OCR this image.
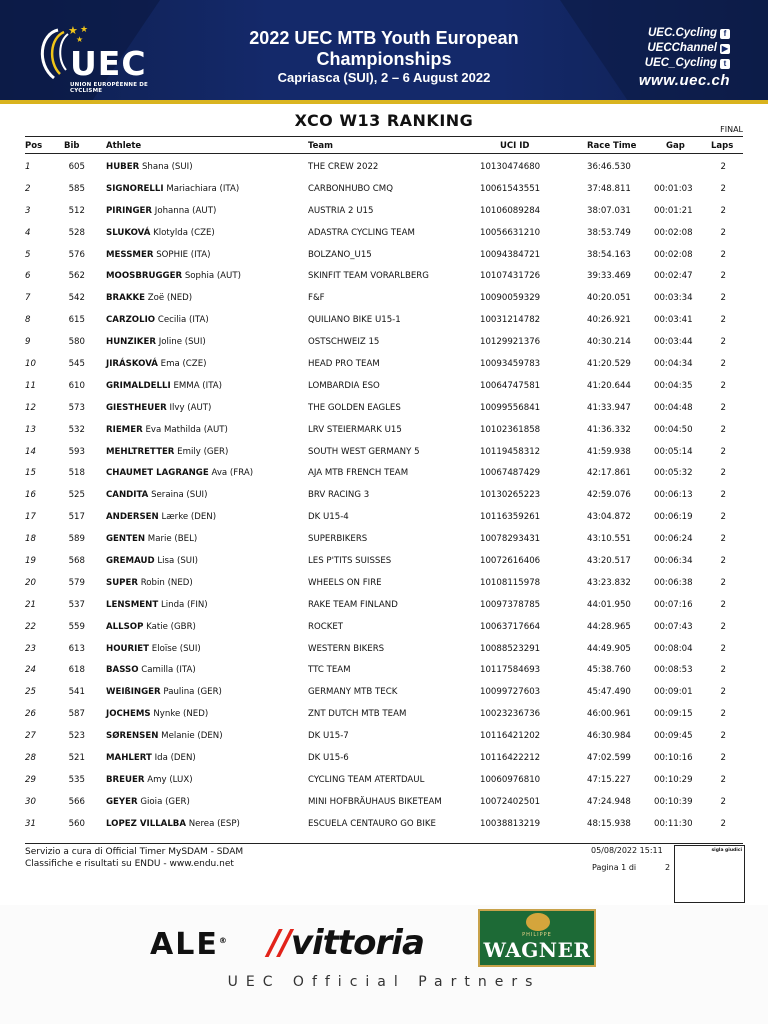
★ ★
★
UEC
UNION EUROPÉENNE DE CYCLISME
2022 UEC MTB Youth European Championships
Capriasca (SUI), 2 – 6 August 2022
UEC.Cycling f
UECChannel ▶
UEC_Cycling t
www.uec.ch
XCO W13 RANKING	FINAL
Pos	Bib	Athlete	Team	UCI ID	Race Time	Gap	Laps
1	605 HUBER Shana (SUI)	THE CREW 2022	10130474680	36:46.530	2
2	585 SIGNORELLI Mariachiara (ITA)	CARBONHUBO CMQ	10061543551	37:48.811	00:01:03	2
3	512 PIRINGER Johanna (AUT)	AUSTRIA 2 U15	10106089284	38:07.031	00:01:21	2
4	528 SLUKOVÁ Klotylda (CZE)	ADASTRA CYCLING TEAM	10056631210	38:53.749	00:02:08	2
5	576 MESSMER SOPHIE (ITA)	BOLZANO_U15	10094384721	38:54.163	00:02:08	2
6	562 MOOSBRUGGER Sophia (AUT)	SKINFIT TEAM VORARLBERG	10107431726	39:33.469	00:02:47	2
7	542 BRAKKE Zoë (NED)	F&F	10090059329	40:20.051	00:03:34	2
8	615 CARZOLIO Cecilia (ITA)	QUILIANO BIKE U15-1	10031214782	40:26.921	00:03:41	2
9	580 HUNZIKER Joline (SUI)	OSTSCHWEIZ 15	10129921376	40:30.214	00:03:44	2
10	545 JIRÁSKOVÁ Ema (CZE)	HEAD PRO TEAM	10093459783	41:20.529	00:04:34	2
11	610 GRIMALDELLI EMMA (ITA)	LOMBARDIA ESO	10064747581	41:20.644	00:04:35	2
12	573 GIESTHEUER Ilvy (AUT)	THE GOLDEN EAGLES	10099556841	41:33.947	00:04:48	2
13	532 RIEMER Eva Mathilda (AUT)	LRV STEIERMARK U15	10102361858	41:36.332	00:04:50	2
14	593 MEHLTRETTER Emily (GER)	SOUTH WEST GERMANY 5	10119458312	41:59.938	00:05:14	2
15	518 CHAUMET LAGRANGE Ava (FRA)	AJA MTB FRENCH TEAM	10067487429	42:17.861	00:05:32	2
16	525 CANDITA Seraina (SUI)	BRV RACING 3	10130265223	42:59.076	00:06:13	2
17	517 ANDERSEN Lærke (DEN)	DK U15-4	10116359261	43:04.872	00:06:19	2
18	589 GENTEN Marie (BEL)	SUPERBIKERS	10078293431	43:10.551	00:06:24	2
19	568 GREMAUD Lisa (SUI)	LES P'TITS SUISSES	10072616406	43:20.517	00:06:34	2
20	579 SUPER Robin (NED)	WHEELS ON FIRE	10108115978	43:23.832	00:06:38	2
21	537 LENSMENT Linda (FIN)	RAKE TEAM FINLAND	10097378785	44:01.950	00:07:16	2
22	559 ALLSOP Katie (GBR)	ROCKET	10063717664	44:28.965	00:07:43	2
23	613 HOURIET Eloïse (SUI)	WESTERN BIKERS	10088523291	44:49.905	00:08:04	2
24	618 BASSO Camilla (ITA)	TTC TEAM	10117584693	45:38.760	00:08:53	2
25	541 WEIßINGER Paulina (GER)	GERMANY MTB TECK	10099727603	45:47.490	00:09:01	2
26	587 JOCHEMS Nynke (NED)	ZNT DUTCH MTB TEAM	10023236736	46:00.961	00:09:15	2
27	523 SØRENSEN Melanie (DEN)	DK U15-7	10116421202	46:30.984	00:09:45	2
28	521 MAHLERT Ida (DEN)	DK U15-6	10116422212	47:02.599	00:10:16	2
29	535 BREUER Amy (LUX)	CYCLING TEAM ATERTDAUL	10060976810	47:15.227	00:10:29	2
30	566 GEYER Gioia (GER)	MINI HOFBRÄUHAUS BIKETEAM	10072402501	47:24.948	00:10:39	2
31	560 LOPEZ VILLALBA Nerea (ESP)	ESCUELA CENTAURO GO BIKE	10038813219	48:15.938	00:11:30	2
Servizio a cura di Official Timer MySDAM - SDAM
Classifiche e risultati su ENDU - www.endu.net
05/08/2022 15:11
Pagina 1 di	2
sigla giudici
ALE® //vittoria	PHILIPPE
WAGNER
UEC Official Partners
